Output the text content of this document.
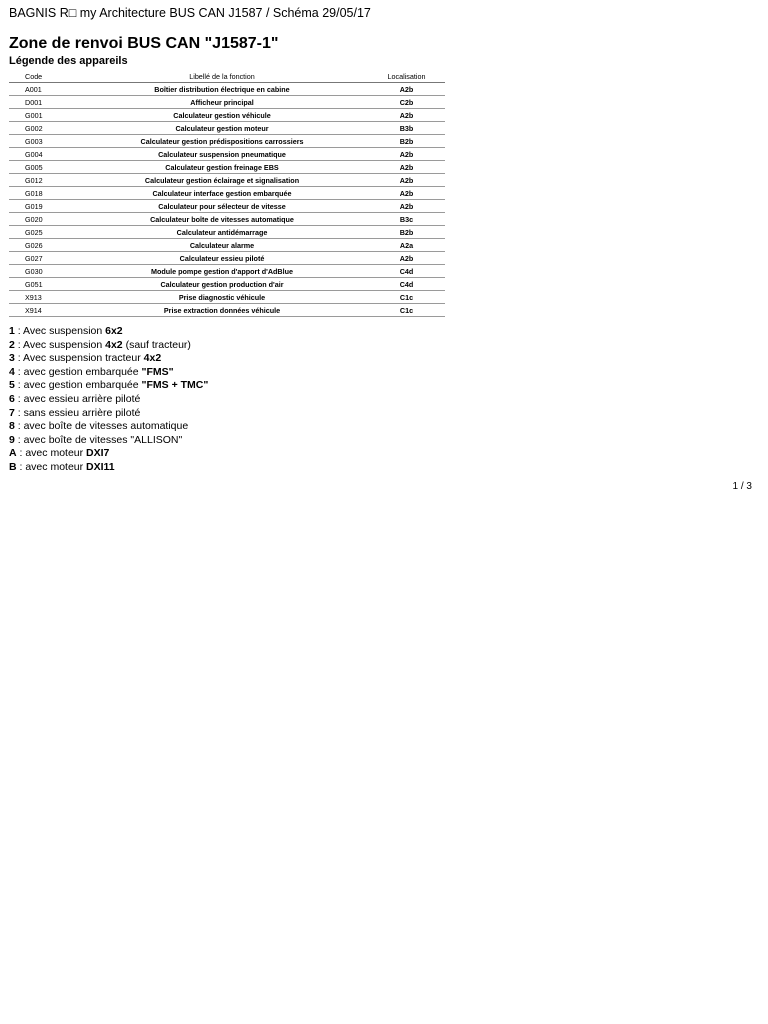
BAGNIS R□ my Architecture BUS CAN J1587 / Schéma 29/05/17
Zone de renvoi BUS CAN "J1587-1"
Légende des appareils
Code	Libellé de la fonction	Localisation
A001	Boîtier distribution électrique en cabine	A2b
D001	Afficheur principal	C2b
G001	Calculateur gestion véhicule	A2b
G002	Calculateur gestion moteur	B3b
G003	Calculateur gestion prédispositions carrossiers	B2b
G004	Calculateur suspension pneumatique	A2b
G005	Calculateur gestion freinage EBS	A2b
G012	Calculateur gestion éclairage et signalisation	A2b
G018	Calculateur interface gestion embarquée	A2b
G019	Calculateur pour sélecteur de vitesse	A2b
G020	Calculateur boîte de vitesses automatique	B3c
G025	Calculateur antidémarrage	B2b
G026	Calculateur alarme	A2a
G027	Calculateur essieu piloté	A2b
G030	Module pompe gestion d'apport d'AdBlue	C4d
G051	Calculateur gestion production d'air	C4d
X913	Prise diagnostic véhicule	C1c
X914	Prise extraction données véhicule	C1c
1 : Avec suspension 6x2
2 : Avec suspension 4x2 (sauf tracteur)
3 : Avec suspension tracteur 4x2
4 : avec gestion embarquée "FMS"
5 : avec gestion embarquée "FMS + TMC"
6 : avec essieu arrière piloté
7 : sans essieu arrière piloté
8 : avec boîte de vitesses automatique
9 : avec boîte de vitesses "ALLISON"
A : avec moteur DXI7
B : avec moteur DXI11
1 / 3
